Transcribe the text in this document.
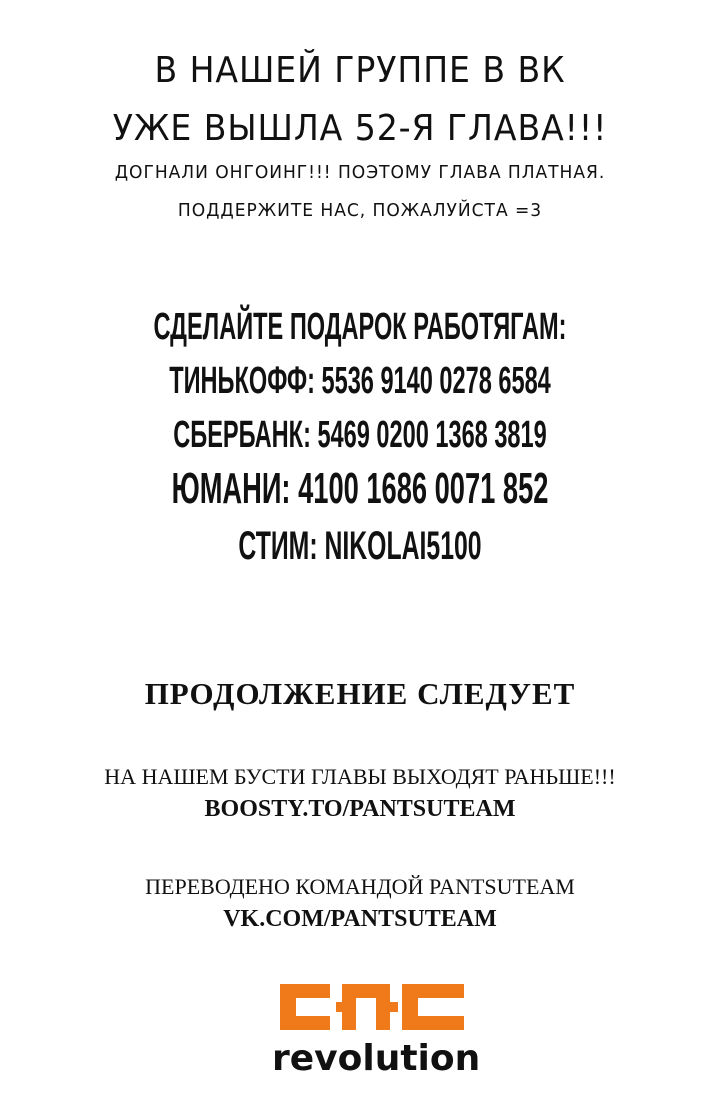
В НАШЕЙ ГРУППЕ В ВК
УЖЕ ВЫШЛА 52-Я ГЛАВА!!!
ДОГНАЛИ ОНГОИНГ!!! ПОЭТОМУ ГЛАВА ПЛАТНАЯ.
ПОДДЕРЖИТЕ НАС, ПОЖАЛУЙСТА =3
СДЕЛАЙТЕ ПОДАРОК РАБОТЯГАМ:
ТИНЬКОФФ: 5536 9140 0278 6584
СБЕРБАНК: 5469 0200 1368 3819
ЮМАНИ: 4100 1686 0071 852
СТИМ: NIKOLAI5100
ПРОДОЛЖЕНИЕ СЛЕДУЕТ
НА НАШЕМ БУСТИ ГЛАВЫ ВЫХОДЯТ РАНЬШЕ!!!
BOOSTY.TO/PANTSUTEAM
ПЕРЕВОДЕНО КОМАНДОЙ PANTSUTEAM
VK.COM/PANTSUTEAM
revolution
